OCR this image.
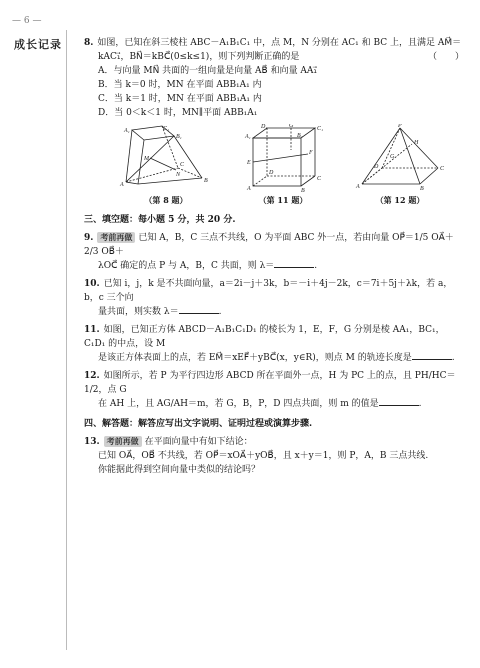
— 6 —
成长记录 8. 如图，已知在斜三棱柱 ABC－A₁B₁C₁ 中，点 M，N 分别在 AC₁ 和 BC 上，且满足 AM⃗＝
kAC₁⃗，BN⃗＝kBC⃗(0≤k≤1)，则下列判断正确的是	（　　）
A．与向量 MN⃗ 共面的一组向量是向量 AB⃗ 和向量 AA₁⃗
B．当 k＝0 时，MN 在平面 ABB₁A₁ 内
C．当 k＝1 时，MN 在平面 ABB₁A₁ 内
D．当 0＜k＜1 时，MN∥平面 ABB₁A₁
A₁	C₁
B₁
M
A
C
N
B
（第 8 题）
D₁	G	C₁
A₁	B₁
F
E
D
C
A	B
（第 11 题）
P
H
G
D	C
A	B
（第 12 题）
三、填空题：每小题 5 分，共 20 分.
9. 考前再做 已知 A，B，C 三点不共线，O 为平面 ABC 外一点，若由向量 OP⃗＝1/5 OA⃗＋2/3 OB⃗＋
λOC⃗ 确定的点 P 与 A，B，C 共面，则 λ＝	.
10. 已知 i，j，k 是不共面向量，a＝2i－j＋3k，b＝－i＋4j－2k，c＝7i＋5j＋λk，若 a，b，c 三个向
量共面，则实数 λ＝	.
11. 如图，已知正方体 ABCD－A₁B₁C₁D₁ 的棱长为 1，E，F，G 分别是棱 AA₁，BC₁，C₁D₁ 的中点，设 M
是该正方体表面上的点，若 EM⃗＝xEF⃗＋yBC⃗(x，y∈R)，则点 M 的轨迹长度是	.
12. 如图所示，若 P 为平行四边形 ABCD 所在平面外一点，H 为 PC 上的点，且 PH/HC＝1/2，点 G
在 AH 上，且 AG/AH＝m，若 G，B，P，D 四点共面，则 m 的值是	.
四、解答题：解答应写出文字说明、证明过程或演算步骤.
13. 考前再做 在平面向量中有如下结论：
已知 OA⃗，OB⃗ 不共线，若 OP⃗＝xOA⃗＋yOB⃗，且 x＋y＝1，则 P，A，B 三点共线.
你能据此得到空间向量中类似的结论吗？
